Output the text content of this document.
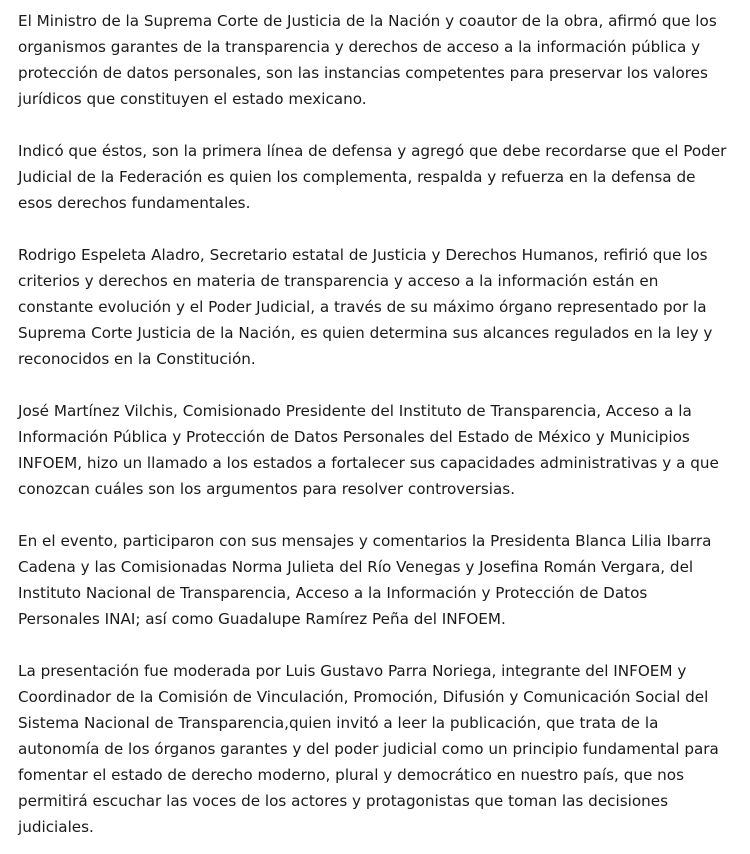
El Ministro de la Suprema Corte de Justicia de la Nación y coautor de la obra, afirmó que los organismos garantes de la transparencia y derechos de acceso a la información pública y protección de datos personales, son las instancias competentes para preservar los valores jurídicos que constituyen el estado mexicano.

Indicó que éstos, son la primera línea de defensa y agregó que debe recordarse que el Poder Judicial de la Federación es quien los complementa, respalda y refuerza en la defensa de esos derechos fundamentales.

Rodrigo Espeleta Aladro, Secretario estatal de Justicia y Derechos Humanos, refirió que los criterios y derechos en materia de transparencia y acceso a la información están en constante evolución y el Poder Judicial, a través de su máximo órgano representado por la Suprema Corte Justicia de la Nación, es quien determina sus alcances regulados en la ley y reconocidos en la Constitución.

José Martínez Vilchis, Comisionado Presidente del Instituto de Transparencia, Acceso a la Información Pública y Protección de Datos Personales del Estado de México y Municipios INFOEM, hizo un llamado a los estados a fortalecer sus capacidades administrativas y a que conozcan cuáles son los argumentos para resolver controversias.

En el evento, participaron con sus mensajes y comentarios la Presidenta Blanca Lilia Ibarra Cadena y las Comisionadas Norma Julieta del Río Venegas y Josefina Román Vergara, del Instituto Nacional de Transparencia, Acceso a la Información y Protección de Datos Personales INAI; así como Guadalupe Ramírez Peña del INFOEM.

La presentación fue moderada por Luis Gustavo Parra Noriega, integrante del INFOEM y Coordinador de la Comisión de Vinculación, Promoción, Difusión y Comunicación Social del Sistema Nacional de Transparencia,quien invitó a leer la publicación, que trata de la autonomía de los órganos garantes y del poder judicial como un principio fundamental para fomentar el estado de derecho moderno, plural y democrático en nuestro país, que nos permitirá escuchar las voces de los actores y protagonistas que toman las decisiones judiciales.
